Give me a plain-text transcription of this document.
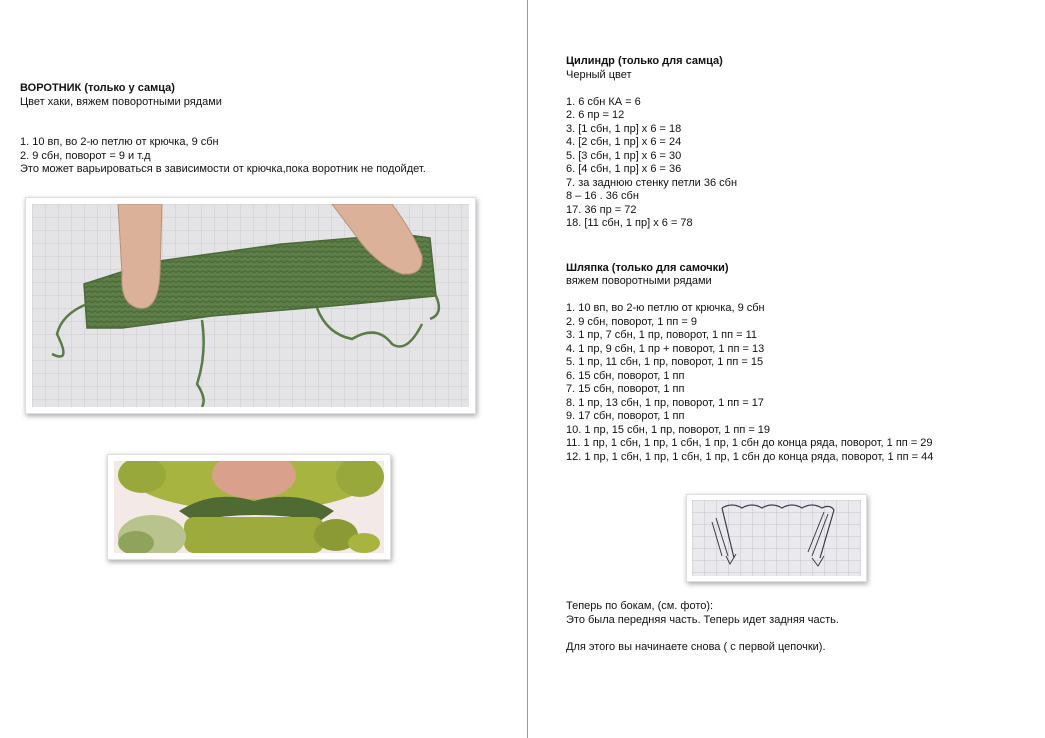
ВОРОТНИК (только у самца)
Цвет хаки, вяжем поворотными рядами
1. 10 вп, во 2-ю петлю от крючка, 9 сбн
2. 9 сбн, поворот = 9 и т.д
Это может варьироваться в зависимости от крючка,пока воротник не подойдет.
Цилиндр (только для самца)
Черный цвет
1. 6 сбн КА = 6
2. 6 пр = 12
3. [1 сбн, 1 пр] x 6 = 18
4. [2 сбн, 1 пр] x 6 = 24
5. [3 сбн, 1 пр] x 6 = 30
6. [4 сбн, 1 пр] x 6 = 36
7. за заднюю стенку петли 36 сбн
8 – 16 . 36 сбн
17. 36 пр = 72
18. [11 сбн, 1 пр] x 6 = 78
Шляпка (только для самочки)
вяжем поворотными рядами
1. 10 вп, во 2-ю петлю от крючка, 9 сбн
2. 9 сбн, поворот, 1 пп = 9
3. 1 пр, 7 сбн, 1 пр, поворот, 1 пп = 11
4. 1 пр, 9 сбн, 1 пр + поворот, 1 пп = 13
5. 1 пр, 11 сбн, 1 пр, поворот, 1 пп = 15
6. 15 сбн, поворот, 1 пп
7. 15 сбн, поворот, 1 пп
8. 1 пр, 13 сбн, 1 пр, поворот, 1 пп = 17
9. 17 сбн, поворот, 1 пп
10. 1 пр, 15 сбн, 1 пр, поворот, 1 пп = 19
11. 1 пр, 1 сбн, 1 пр, 1 сбн, 1 пр, 1 сбн до конца ряда, поворот, 1 пп = 29
12. 1 пр, 1 сбн, 1 пр, 1 сбн, 1 пр, 1 сбн до конца ряда, поворот, 1 пп = 44
Теперь по бокам, (см. фото):
Это была передняя часть. Теперь идет задняя часть.
Для этого вы начинаете снова ( с первой цепочки).
